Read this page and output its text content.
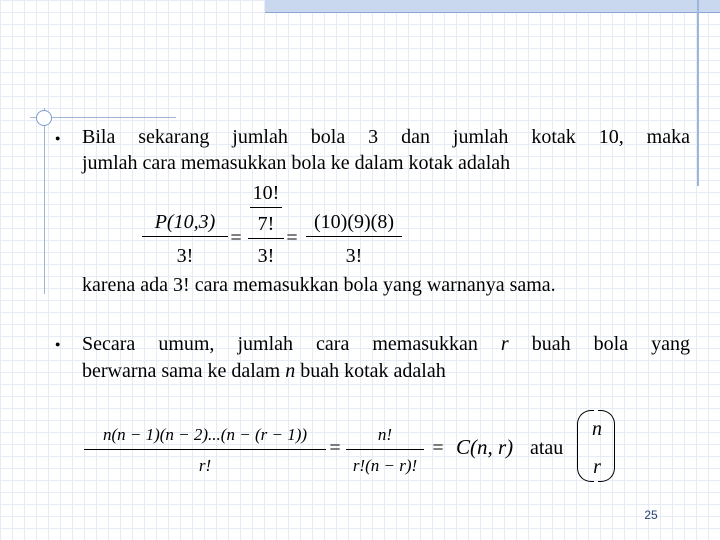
● Bila sekarang jumlah bola 3 dan jumlah kotak 10, maka
jumlah cara memasukkan bola ke dalam kotak adalah
P(10,3)
3!
=
10!
7!
3!
=
(10)(9)(8)
3!
karena ada 3! cara memasukkan bola yang warnanya sama.
● Secara umum, jumlah cara memasukkan r buah bola yang
berwarna sama ke dalam n buah kotak adalah
n(n − 1)(n − 2)...(n − (r − 1))
r!
=
n!
r!(n − r)!
= C(n, r) atau
n
r
25
